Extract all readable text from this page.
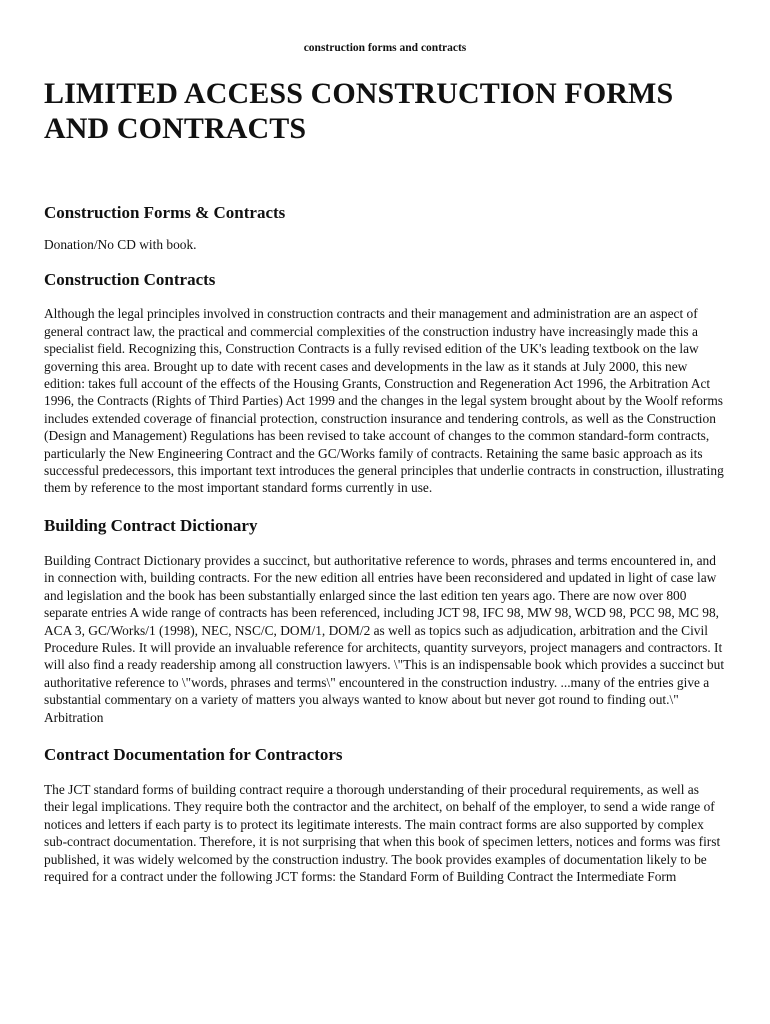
construction forms and contracts
LIMITED ACCESS CONSTRUCTION FORMS AND CONTRACTS
Construction Forms & Contracts

Donation/No CD with book.

Construction Contracts

Although the legal principles involved in construction contracts and their management and administration are an aspect of general contract law, the practical and commercial complexities of the construction industry have increasingly made this a specialist field. Recognizing this, Construction Contracts is a fully revised edition of the UK's leading textbook on the law governing this area. Brought up to date with recent cases and developments in the law as it stands at July 2000, this new edition: takes full account of the effects of the Housing Grants, Construction and Regeneration Act 1996, the Arbitration Act 1996, the Contracts (Rights of Third Parties) Act 1999 and the changes in the legal system brought about by the Woolf reforms includes extended coverage of financial protection, construction insurance and tendering controls, as well as the Construction (Design and Management) Regulations has been revised to take account of changes to the common standard-form contracts, particularly the New Engineering Contract and the GC/Works family of contracts. Retaining the same basic approach as its successful predecessors, this important text introduces the general principles that underlie contracts in construction, illustrating them by reference to the most important standard forms currently in use.

Building Contract Dictionary

Building Contract Dictionary provides a succinct, but authoritative reference to words, phrases and terms encountered in, and in connection with, building contracts. For the new edition all entries have been reconsidered and updated in light of case law and legislation and the book has been substantially enlarged since the last edition ten years ago. There are now over 800 separate entries A wide range of contracts has been referenced, including JCT 98, IFC 98, MW 98, WCD 98, PCC 98, MC 98, ACA 3, GC/Works/1 (1998), NEC, NSC/C, DOM/1, DOM/2 as well as topics such as adjudication, arbitration and the Civil Procedure Rules. It will provide an invaluable reference for architects, quantity surveyors, project managers and contractors. It will also find a ready readership among all construction lawyers. \"This is an indispensable book which provides a succinct but authoritative reference to \"words, phrases and terms\" encountered in the construction industry. ...many of the entries give a substantial commentary on a variety of matters you always wanted to know about but never got round to finding out.\" Arbitration

Contract Documentation for Contractors

The JCT standard forms of building contract require a thorough understanding of their procedural requirements, as well as their legal implications. They require both the contractor and the architect, on behalf of the employer, to send a wide range of notices and letters if each party is to protect its legitimate interests. The main contract forms are also supported by complex sub-contract documentation. Therefore, it is not surprising that when this book of specimen letters, notices and forms was first published, it was widely welcomed by the construction industry. The book provides examples of documentation likely to be required for a contract under the following JCT forms: the Standard Form of Building Contract the Intermediate Form
